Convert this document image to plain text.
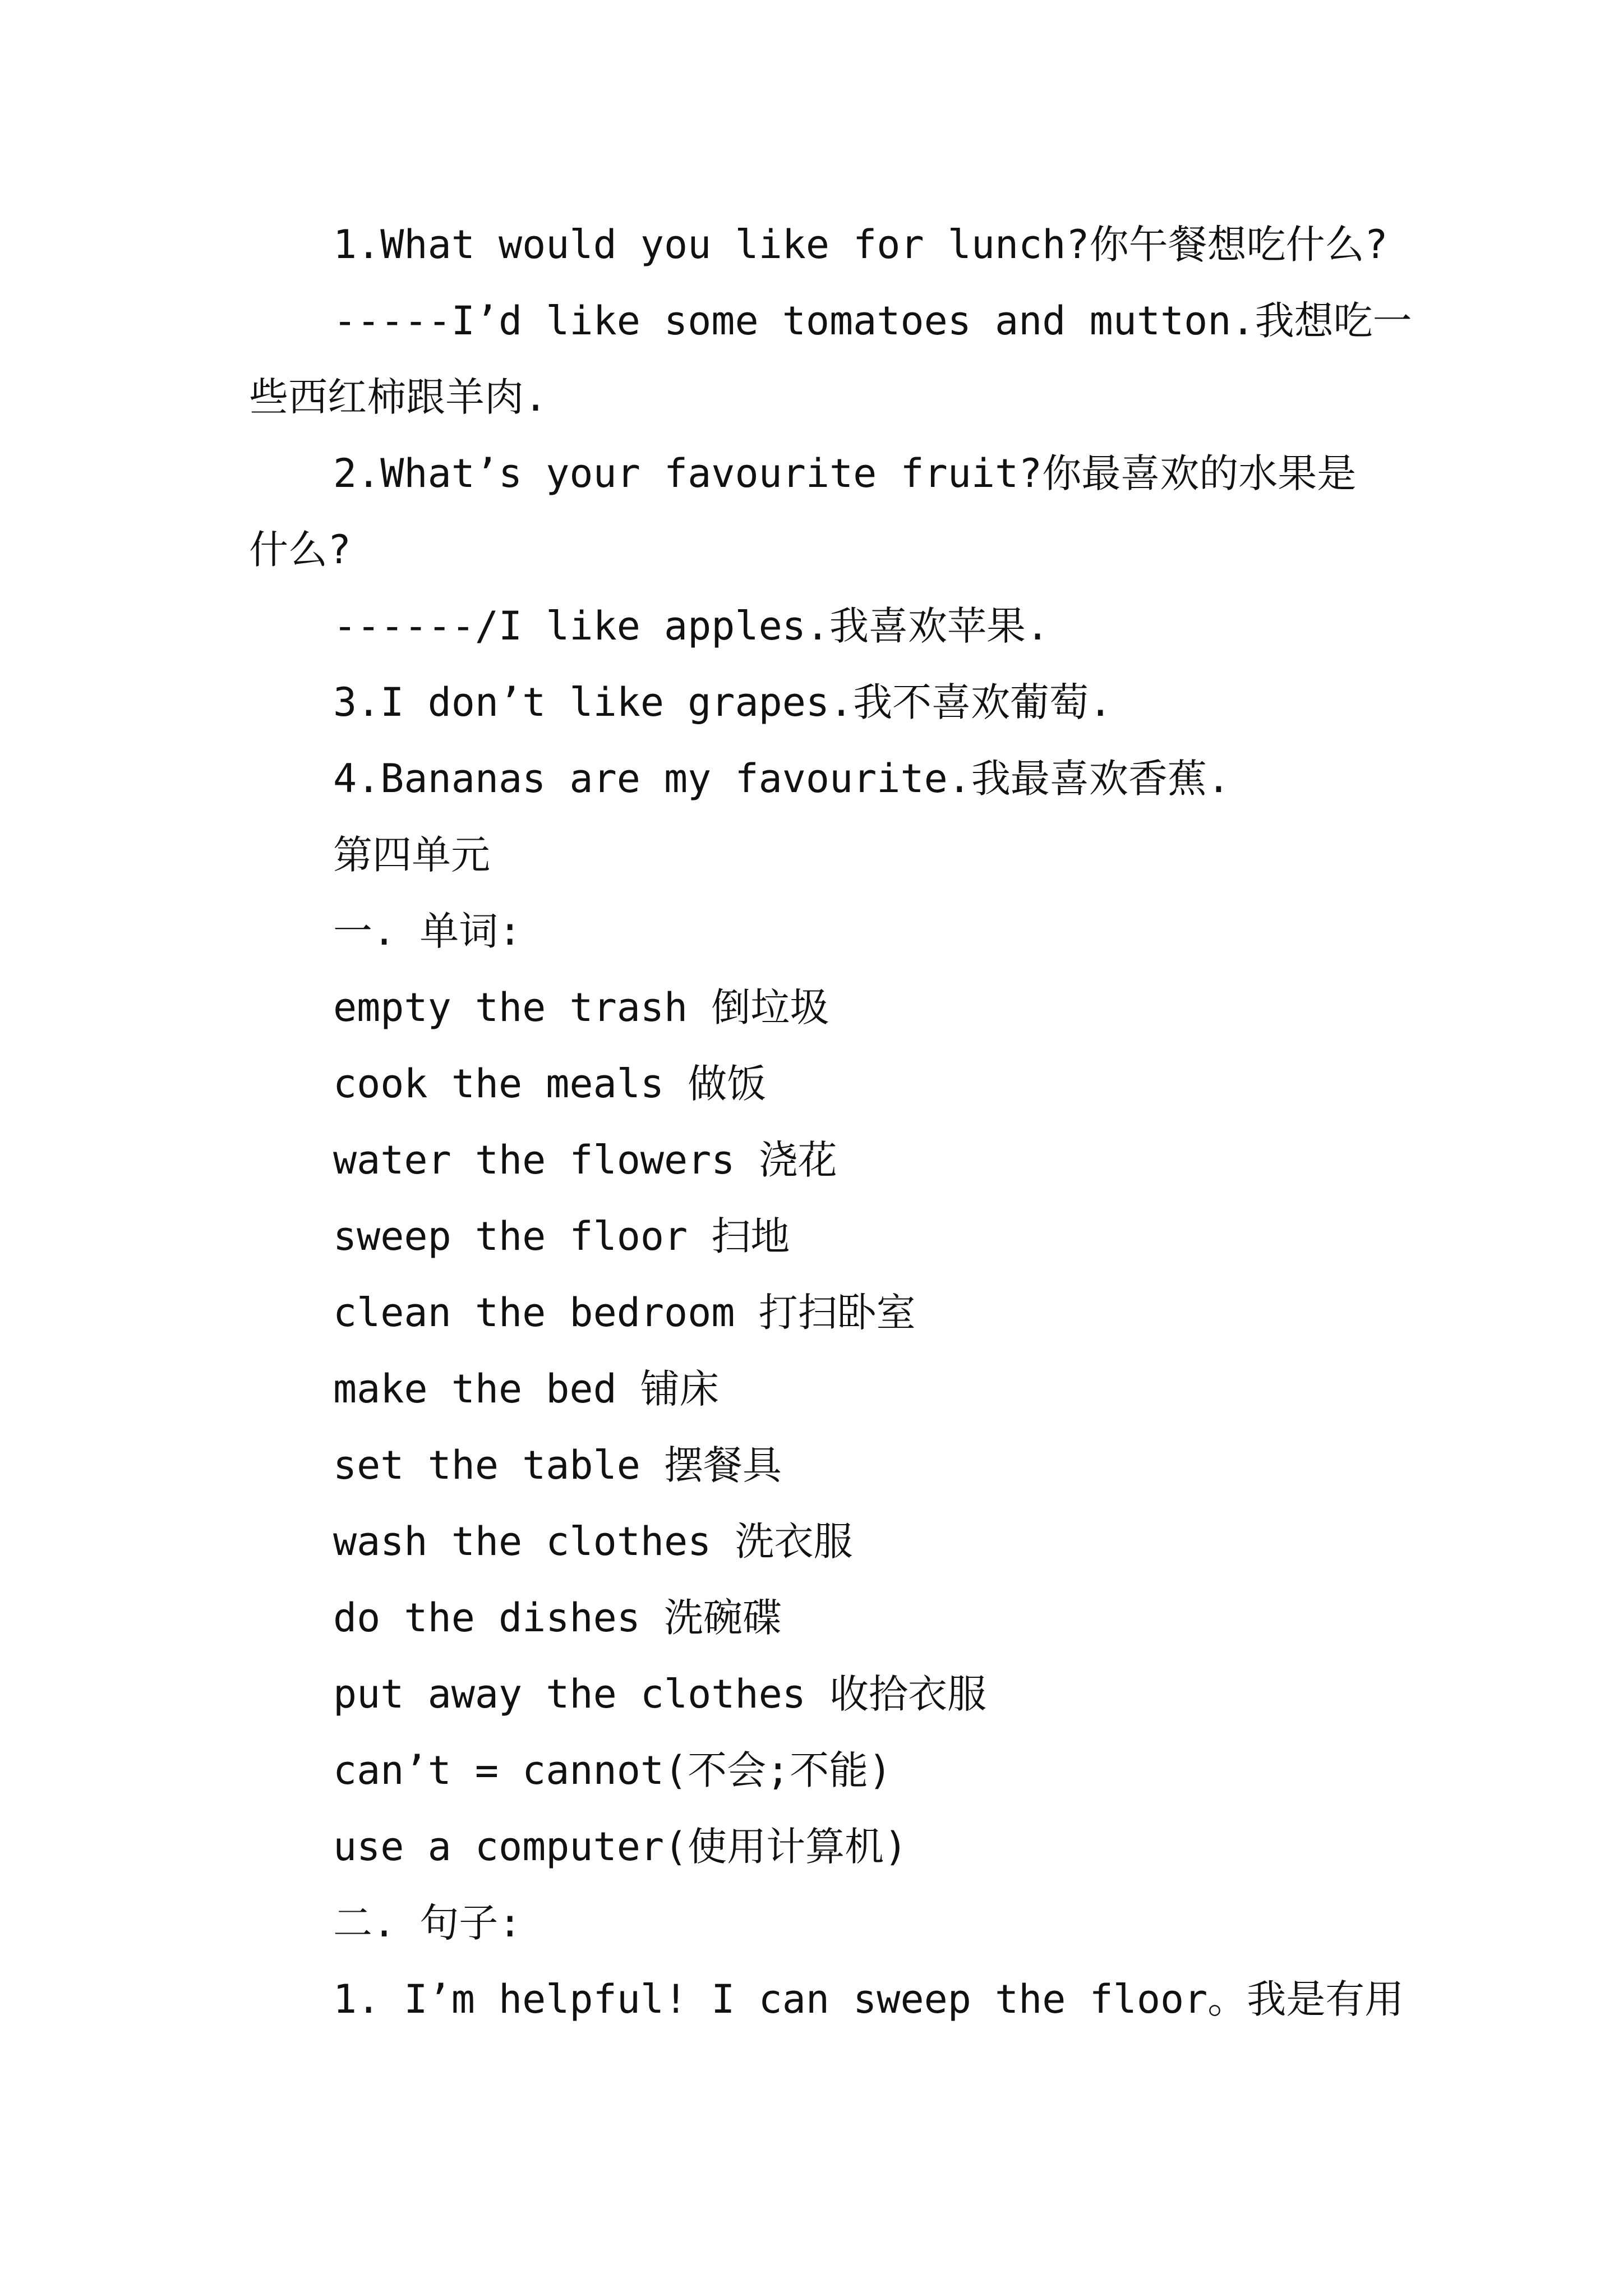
1.What would you like for lunch?你午餐想吃什么?
-----I’d like some tomatoes and mutton.我想吃一
些西红柿跟羊肉.
2.What’s your favourite fruit?你最喜欢的水果是
什么?
------/I like apples.我喜欢苹果.
3.I don’t like grapes.我不喜欢葡萄.
4.Bananas are my favourite.我最喜欢香蕉.
第四单元
一. 单词:
empty the trash 倒垃圾
cook the meals 做饭
water the flowers 浇花
sweep the floor 扫地
clean the bedroom 打扫卧室
make the bed 铺床
set the table 摆餐具
wash the clothes 洗衣服
do the dishes 洗碗碟
put away the clothes 收拾衣服
can’t = cannot(不会;不能)
use a computer(使用计算机)
二. 句子:
1. I’m helpful! I can sweep the floor。我是有用
